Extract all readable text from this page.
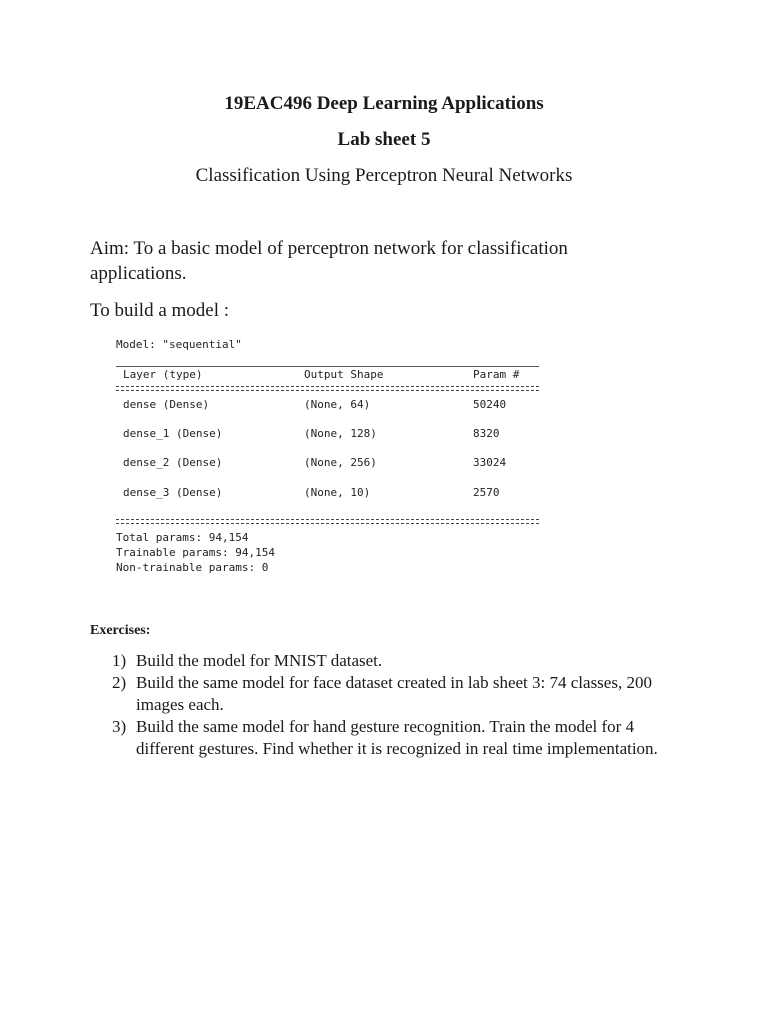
19EAC496 Deep Learning Applications
Lab sheet 5
Classification Using Perceptron Neural Networks
Aim: To a basic model of perceptron network for classification applications.
To build a model :
Model: "sequential"
Layer (type)	Output Shape	Param #
dense (Dense)	(None, 64)	50240
dense_1 (Dense)	(None, 128)	8320
dense_2 (Dense)	(None, 256)	33024
dense_3 (Dense)	(None, 10)	2570
Total params: 94,154
Trainable params: 94,154
Non-trainable params: 0
Exercises:
1) Build the model for MNIST dataset.
2) Build the same model for face dataset created in lab sheet 3: 74 classes, 200 images each.
3) Build the same model for hand gesture recognition. Train the model for 4 different gestures. Find whether it is recognized in real time implementation.
